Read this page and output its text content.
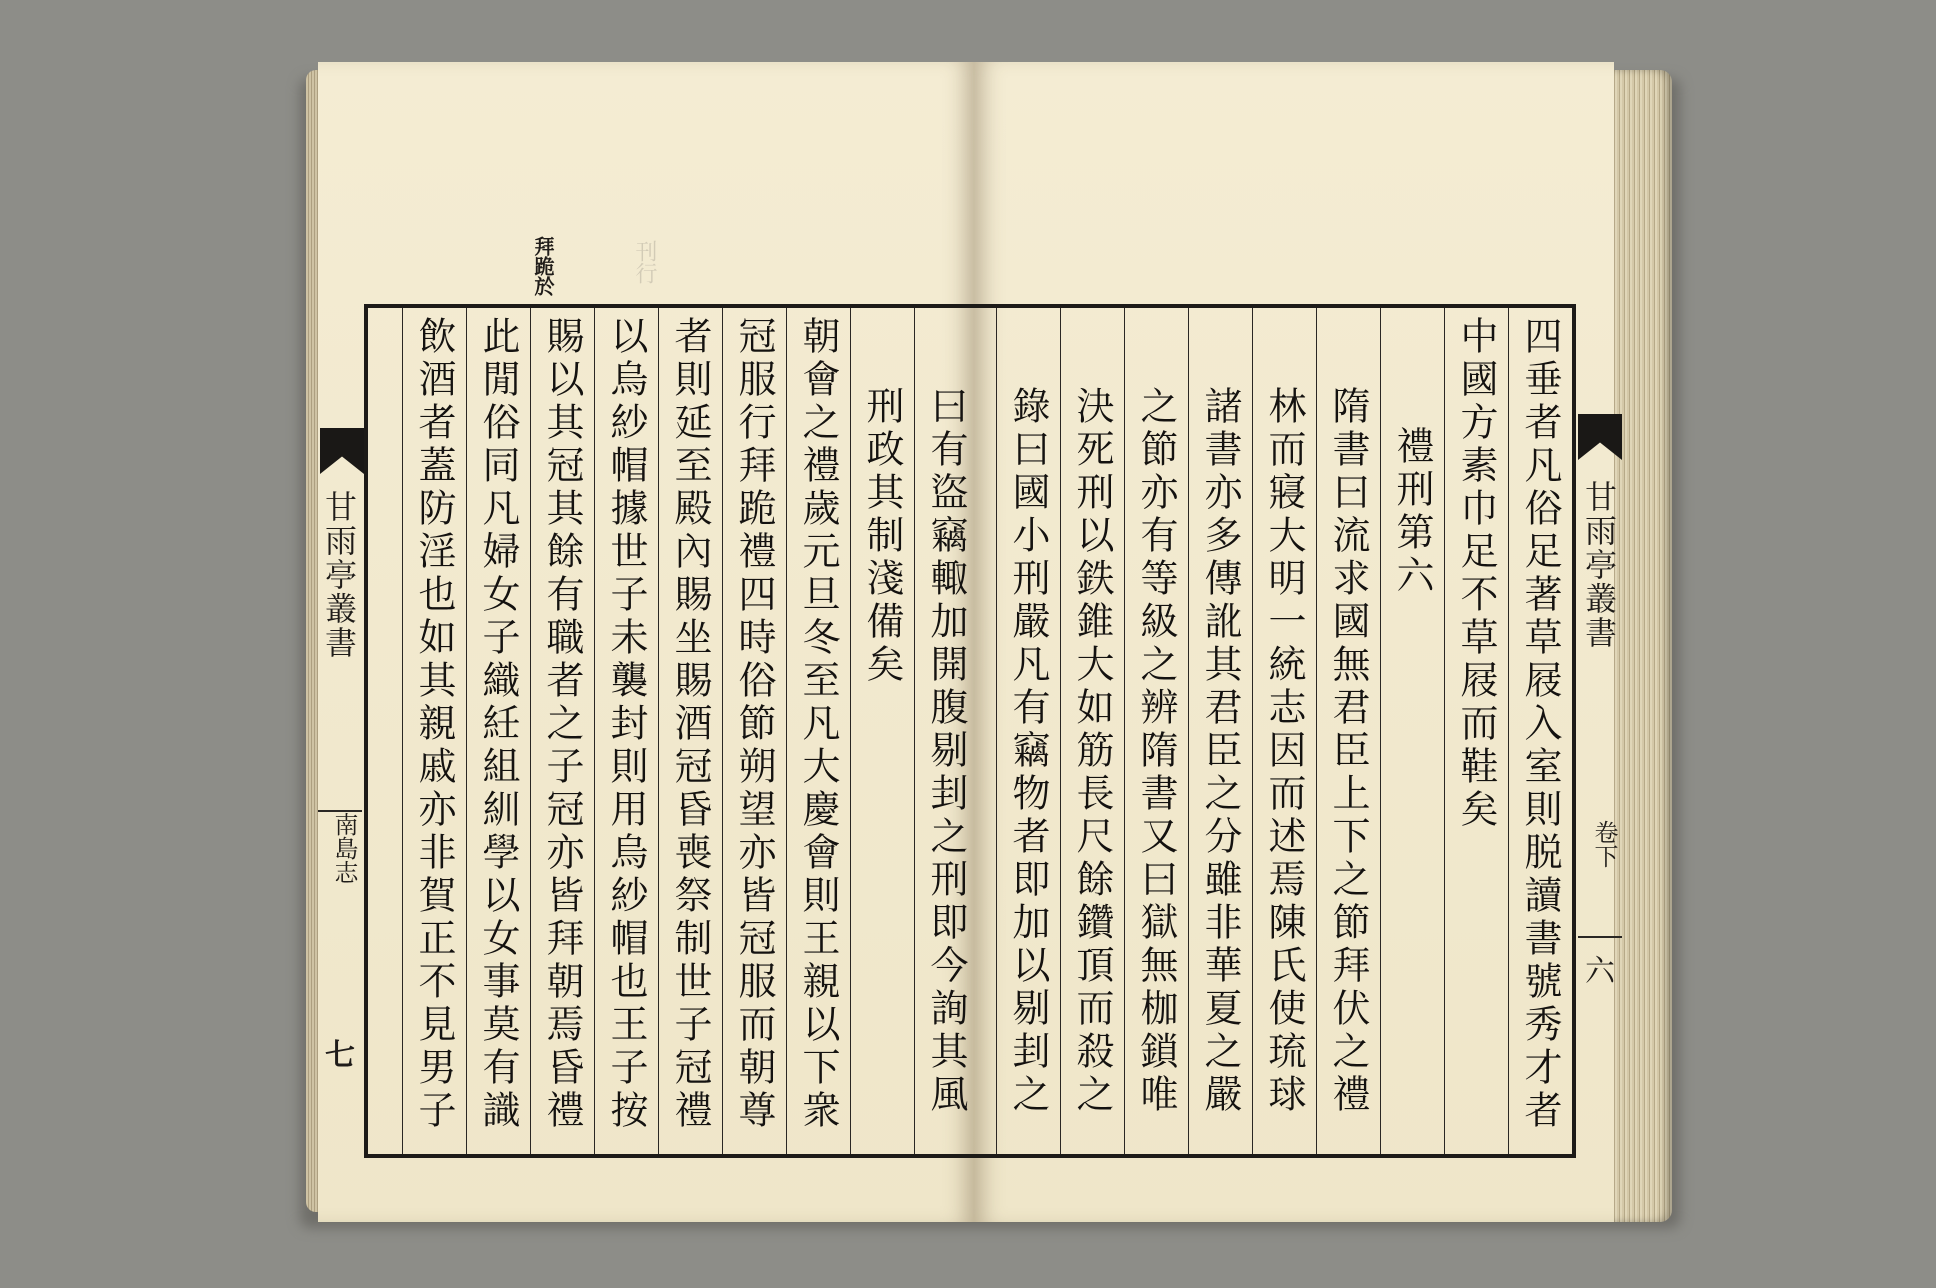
拜跪於	刊行
曰有盜竊輙加開腹剔刲之刑即今詢其風
刑政其制淺備矣
朝會之禮歲元旦冬至凡大慶會則王親以下衆
冠服行拜跪禮四時俗節朔望亦皆冠服而朝尊
者則延至殿內賜坐賜酒冠昏喪祭制世子冠禮
以烏紗帽據世子未襲封則用烏紗帽也王子按
賜以其冠其餘有職者之子冠亦皆拜朝焉昏禮
此閒俗同凡婦女子織紝組紃學以女事莫有識
飲酒者蓋防淫也如其親戚亦非賀正不見男子
四垂者凡俗足著草屐入室則脱讀書號秀才者
中國方素巾足不草屐而鞋矣
禮刑第六
隋書曰流求國無君臣上下之節拜伏之禮
林而寢大明一統志因而述焉陳氏使琉球
諸書亦多傳訛其君臣之分雖非華夏之嚴
之節亦有等級之辨隋書又曰獄無枷鎖唯
決死刑以鉄錐大如筋長尺餘鑽頂而殺之
錄曰國小刑嚴凡有竊物者即加以剔刲之
甘雨亭叢書
南島志
七
甘雨亭叢書
卷下
六
